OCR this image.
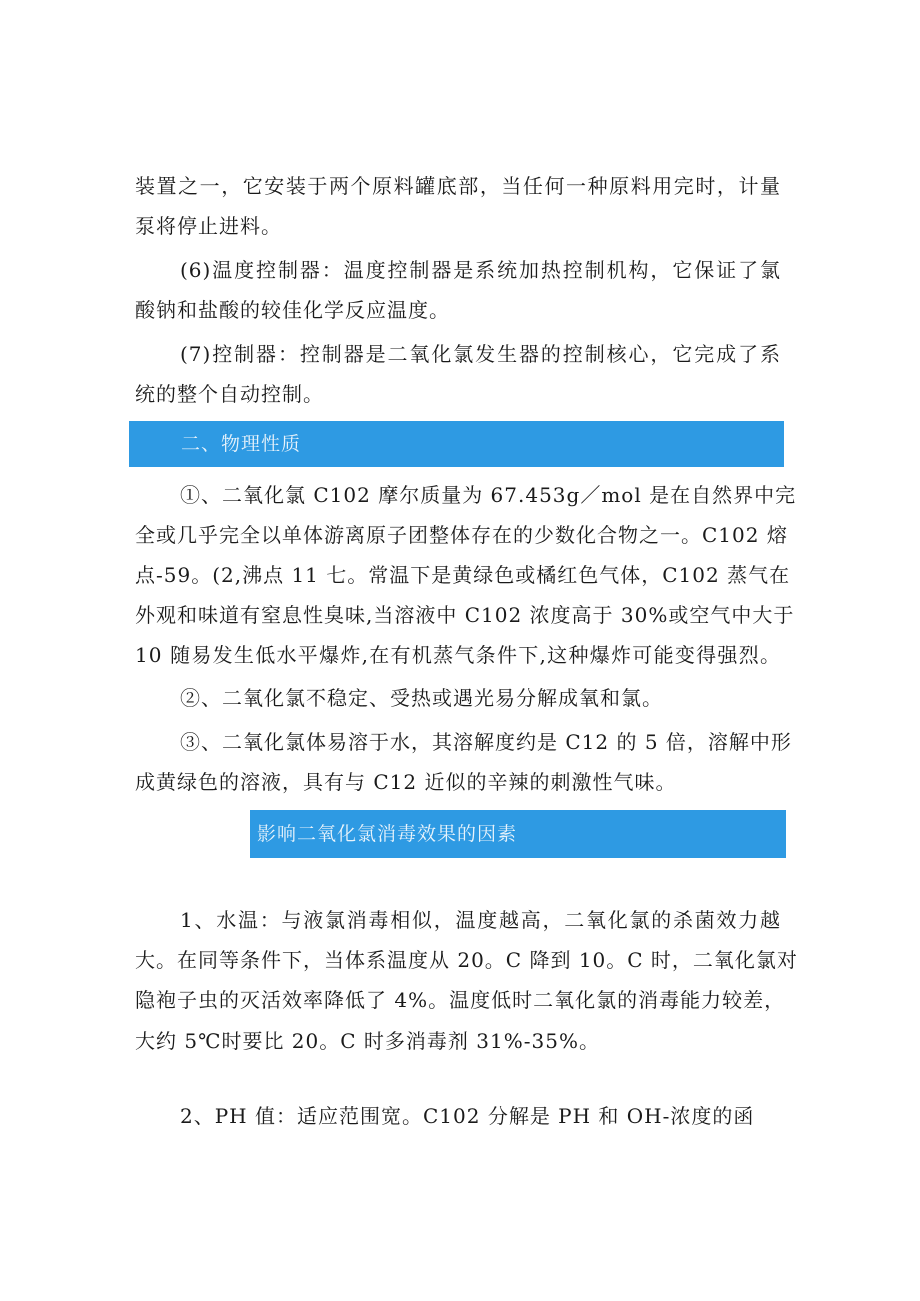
装置之一，它安装于两个原料罐底部，当任何一种原料用完时，计量
泵将停止进料。
(6)温度控制器：温度控制器是系统加热控制机构，它保证了氯
酸钠和盐酸的较佳化学反应温度。
(7)控制器：控制器是二氧化氯发生器的控制核心，它完成了系
统的整个自动控制。
二、物理性质
①、二氧化氯 C102 摩尔质量为 67.453g／mol 是在自然界中完
全或几乎完全以单体游离原子团整体存在的少数化合物之一。C102 熔
点-59。(2,沸点 11 七。常温下是黄绿色或橘红色气体，C102 蒸气在
外观和味道有窒息性臭味,当溶液中 C102 浓度高于 30%或空气中大于
10 随易发生低水平爆炸,在有机蒸气条件下,这种爆炸可能变得强烈。
②、二氧化氯不稳定、受热或遇光易分解成氧和氯。
③、二氧化氯体易溶于水，其溶解度约是 C12 的 5 倍，溶解中形
成黄绿色的溶液，具有与 C12 近似的辛辣的刺激性气味。
影响二氧化氯消毒效果的因素
1、水温：与液氯消毒相似，温度越高，二氧化氯的杀菌效力越
大。在同等条件下，当体系温度从 20。C 降到 10。C 时，二氧化氯对
隐袍子虫的灭活效率降低了 4%。温度低时二氧化氯的消毒能力较差，
大约 5℃时要比 20。C 时多消毒剂 31%-35%。
2、PH 值：适应范围宽。C102 分解是 PH 和 OH-浓度的函
